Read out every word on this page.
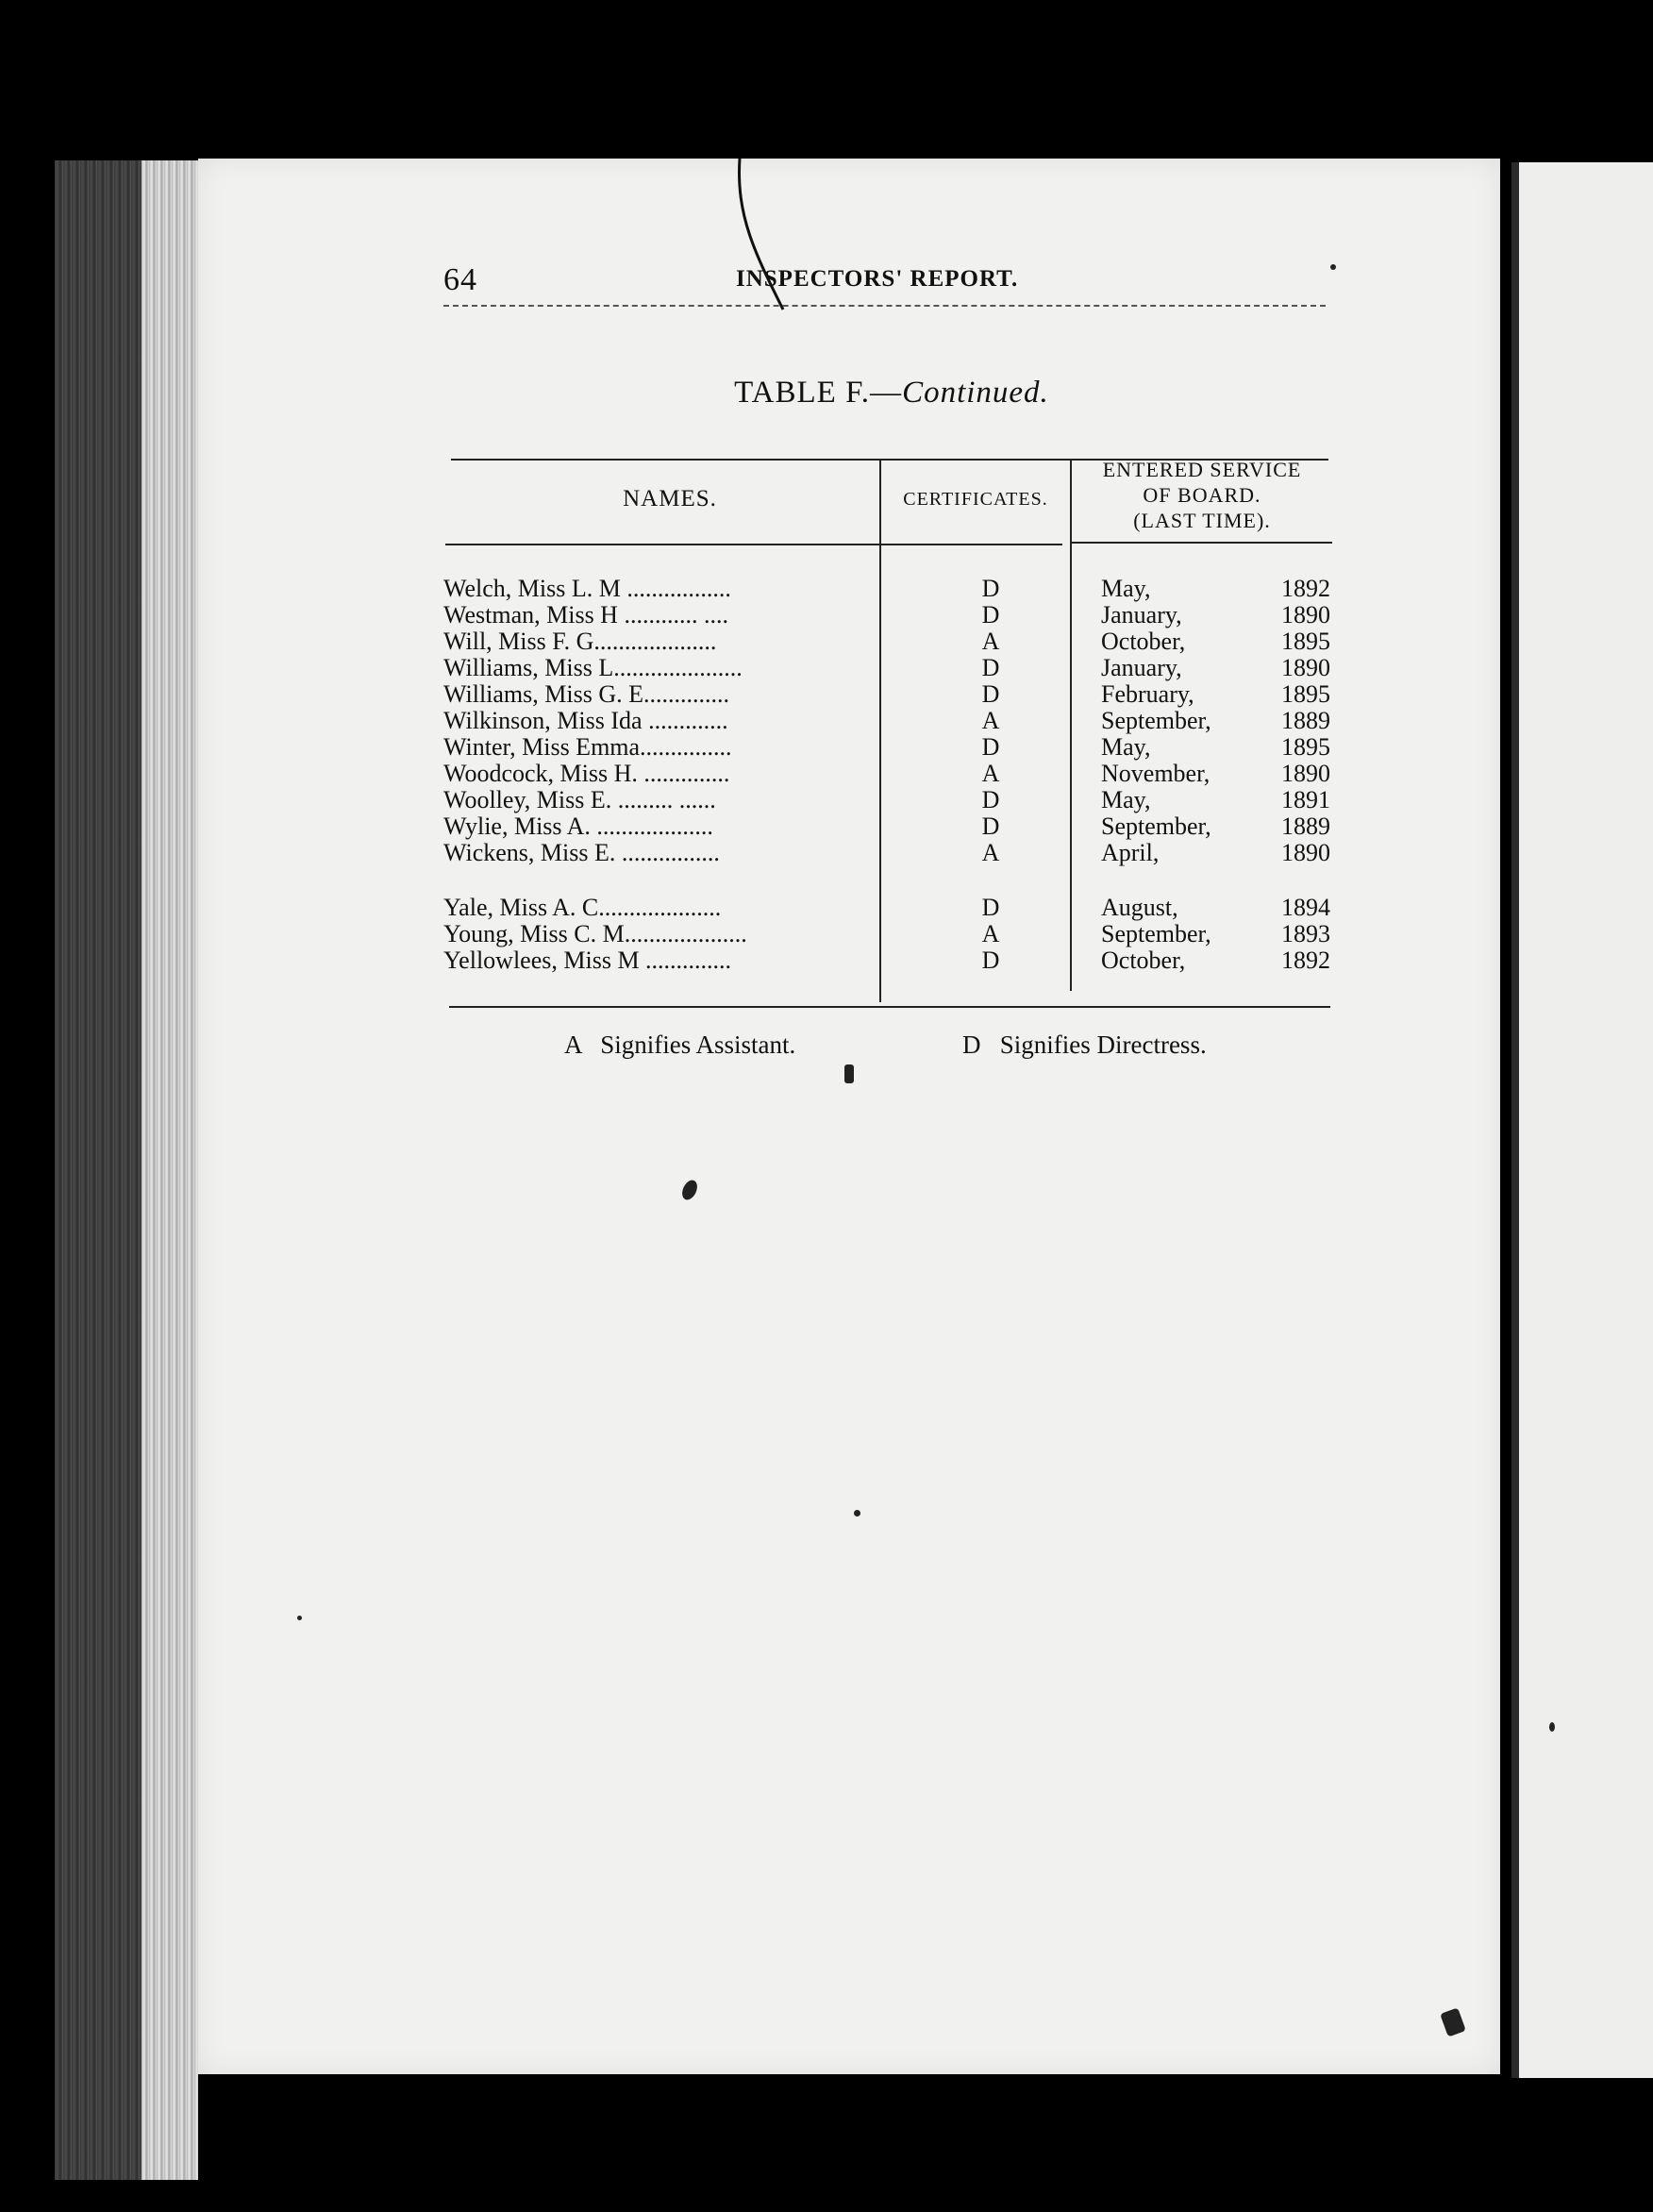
64	INSPECTORS' REPORT.
TABLE F.—Continued.
NAMES.	CERTIFICATES.
ENTERED SERVICE
OF BOARD.
(LAST TIME).
Welch, Miss L. M .................	D	May,	1892
Westman, Miss H ............ ....	D	January,	1890
Will, Miss F. G....................	A	October,	1895
Williams, Miss L.....................	D	January,	1890
Williams, Miss G. E..............	D	February,	1895
Wilkinson, Miss Ida .............	A	September,	1889
Winter, Miss Emma...............	D	May,	1895
Woodcock, Miss H. ..............	A	November,	1890
Woolley, Miss E. ......... ......	D	May,	1891
Wylie, Miss A. ...................	D	September,	1889
Wickens, Miss E. ................	A	April,	1890
Yale, Miss A. C....................	D	August,	1894
Young, Miss C. M....................	A	September,	1893
Yellowlees, Miss M ..............	D	October,	1892
A   Signifies Assistant.	D   Signifies Directress.
